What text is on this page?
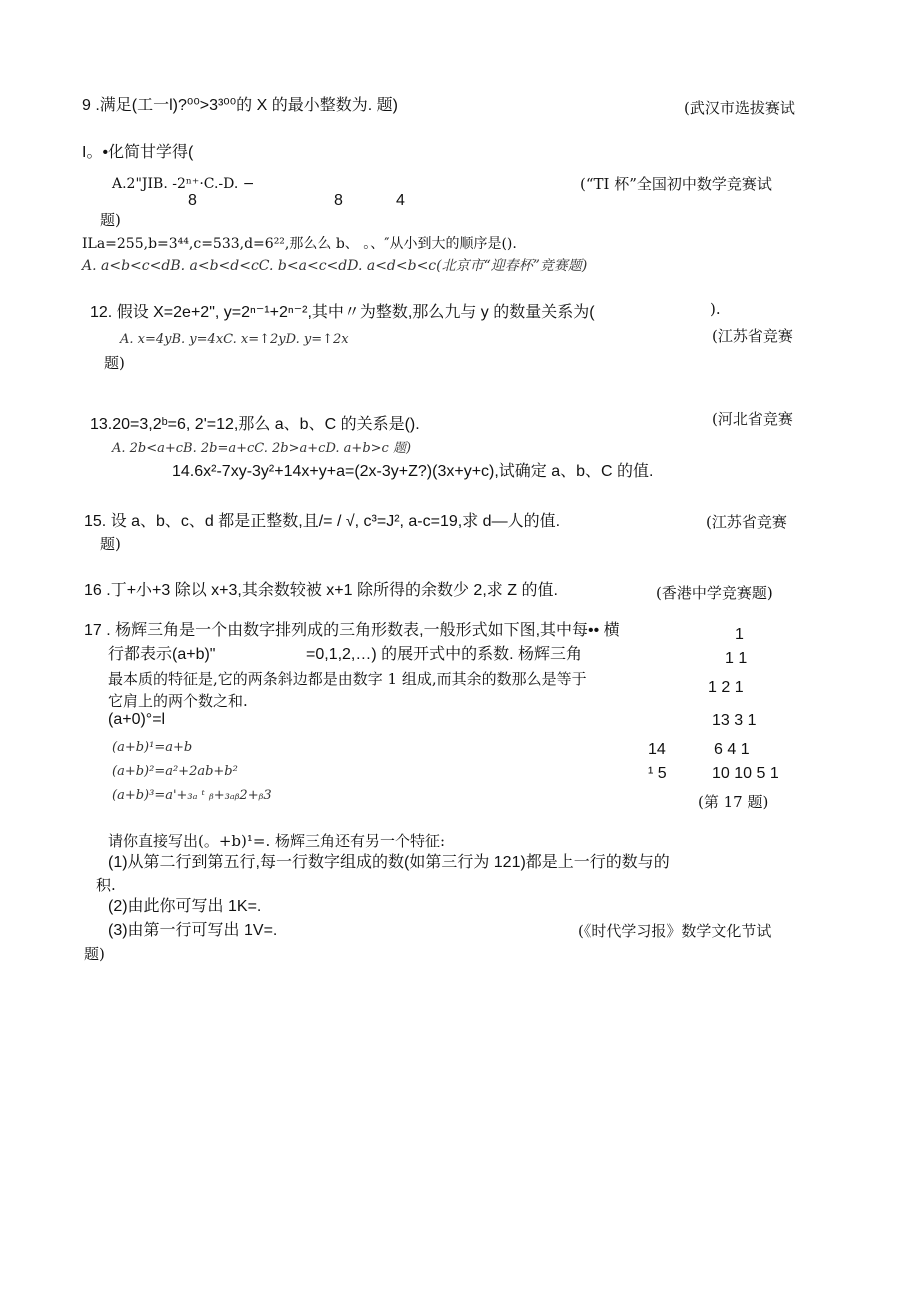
9 .满足(工一l)?⁰⁰>3³⁰⁰的 X 的最小整数为. 题)	(武汉市选拔赛试
I。•化简甘学得(
A.2"JIB. -2ⁿ⁺·C.-D. −
8	8	4
(“TI 杯”全国初中数学竞赛试
题)
ILa=255,b=3⁴⁴,c=533,d=6²²,那么么 b、 。、″从小到大的顺序是().
A. a<b<c<dB. a<b<d<cC. b<a<c<dD. a<d<b<c(北京市“迎春杯”竞赛题)
12. 假设 X=2e+2", y=2ⁿ⁻¹+2ⁿ⁻²,其中〃为整数,那么九与 y 的数量关系为(	).
A. x=4yB. y=4xC. x=↑2yD. y=↑2x	(江苏省竞赛
题)
(河北省竞赛
13.20=3,2ᵇ=6, 2'=12,那么 a、b、C 的关系是().
A. 2b<a+cB. 2b=a+cC. 2b>a+cD. a+b>c 题)
14.6x²-7xy-3y²+14x+y+a=(2x-3y+Z?)(3x+y+c),试确定 a、b、C 的值.
15. 设 a、b、c、d 都是正整数,且/= / √, c³=J², a-c=19,求 d—人的值.	(江苏省竞赛
题)
16 .丁+小+3 除以 x+3,其余数较被 x+1 除所得的余数少 2,求 Z 的值.	(香港中学竞赛题)
17 . 杨辉三角是一个由数字排列成的三角形数表,一般形式如下图,其中每•• 横
行都表示(a+b)"	=0,1,2,…) 的展开式中的系数. 杨辉三角
最本质的特征是,它的两条斜边都是由数字 1 组成,而其余的数那么是等于
它肩上的两个数之和.
(a+0)°=l
(a+b)¹=a+b
(a+b)²=a²+2ab+b²
(a+b)³=a'+₃ₐ ᵗ ᵦ+₃ₐᵦ2+ᵦ3
1
1 1
1 2 1
13 3 1
14	6 4 1
¹ 5	10 10 5 1
(第 17 题)
请你直接写出(。+b)¹=. 杨辉三角还有另一个特征:
(1)从第二行到第五行,每一行数字组成的数(如第三行为 121)都是上一行的数与的
积.
(2)由此你可写出 1K=.
(3)由第一行可写出 1V=.	(《时代学习报》数学文化节试
题)
